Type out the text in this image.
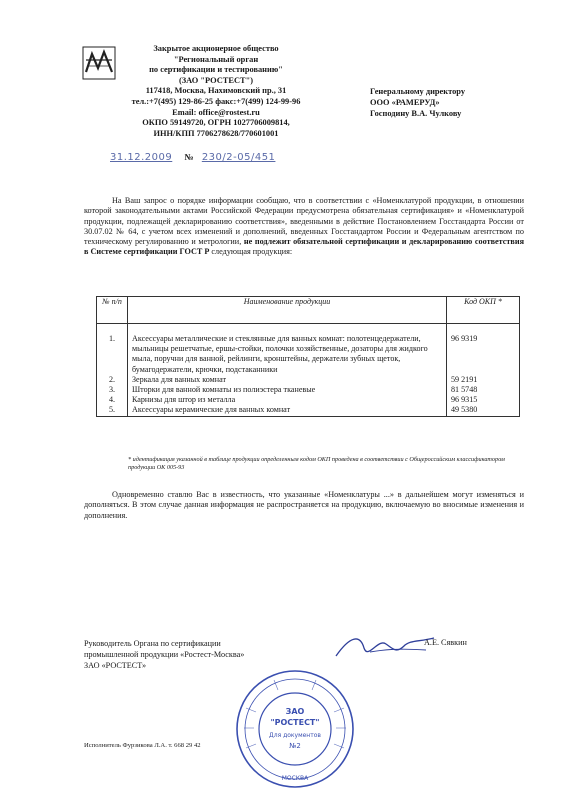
Закрытое акционерное общество
"Региональный орган
по сертификации и тестированию"
(ЗАО "РОСТЕСТ")
117418, Москва, Нахимовский пр., 31
тел.:+7(495) 129-86-25 факс:+7(499) 124-99-96
Email: office@rostest.ru
ОКПО 59149720, ОГРН 1027706009814,
ИНН/КПП 7706278628/770601001
31.12.2009 № 230/2-05/451
Генеральному директору
ООО «РАМЕРУД»
Господину В.А. Чулкову
На Ваш запрос о порядке информации сообщаю, что в соответствии с «Номенклатурой продукции, в отношении которой законодательными актами Российской Федерации предусмотрена обязательная сертификация» и «Номенклатурой продукции, подлежащей декларированию соответствия», введенными в действие Постановлением Госстандарта России от 30.07.02 № 64, с учетом всех изменений и дополнений, введенных Госстандартом России и Федеральным агентством по техническому регулированию и метрологии, не подлежит обязательной сертификации и декларированию соответствия в Системе сертификации ГОСТ Р следующая продукция:
№ п/п	Наименование продукции	Код ОКП *
1.	Аксессуары металлические и стеклянные для ванных комнат: полотенцедержатели, мыльницы решетчатые, ершы-стойки, полочки хозяйственные, дозаторы для жидкого мыла, поручни для ванной, рейлинги, кронштейны, держатели зубных щеток, бумагодержатели, крючки, подстаканники	96 9319
2.	Зеркала для ванных комнат	59 2191
3.	Шторки для ванной комнаты из полиэстера тканевые	81 5748
4.	Карнизы для штор из металла	96 9315
5.	Аксессуары керамические для ванных комнат	49 5380
* идентификация указанной в таблице продукции определенным кодом ОКП проведена в соответствии с Общероссийским классификатором продукции ОК 005-93
Одновременно ставлю Вас в известность, что указанные «Номенклатуры ...» в дальнейшем могут изменяться и дополняться. В этом случае данная информация не распространяется на продукцию, включаемую во вносимые изменения и дополнения.
Руководитель Органа по сертификации
промышленной продукции «Ростест-Москва»
ЗАО «РОСТЕСТ»
А.Е. Сявкин
ЗАО
"РОСТЕСТ"
Для документов
№2
МОСКВА
Исполнитель Фурзикова Л.А. т. 668 29 42
